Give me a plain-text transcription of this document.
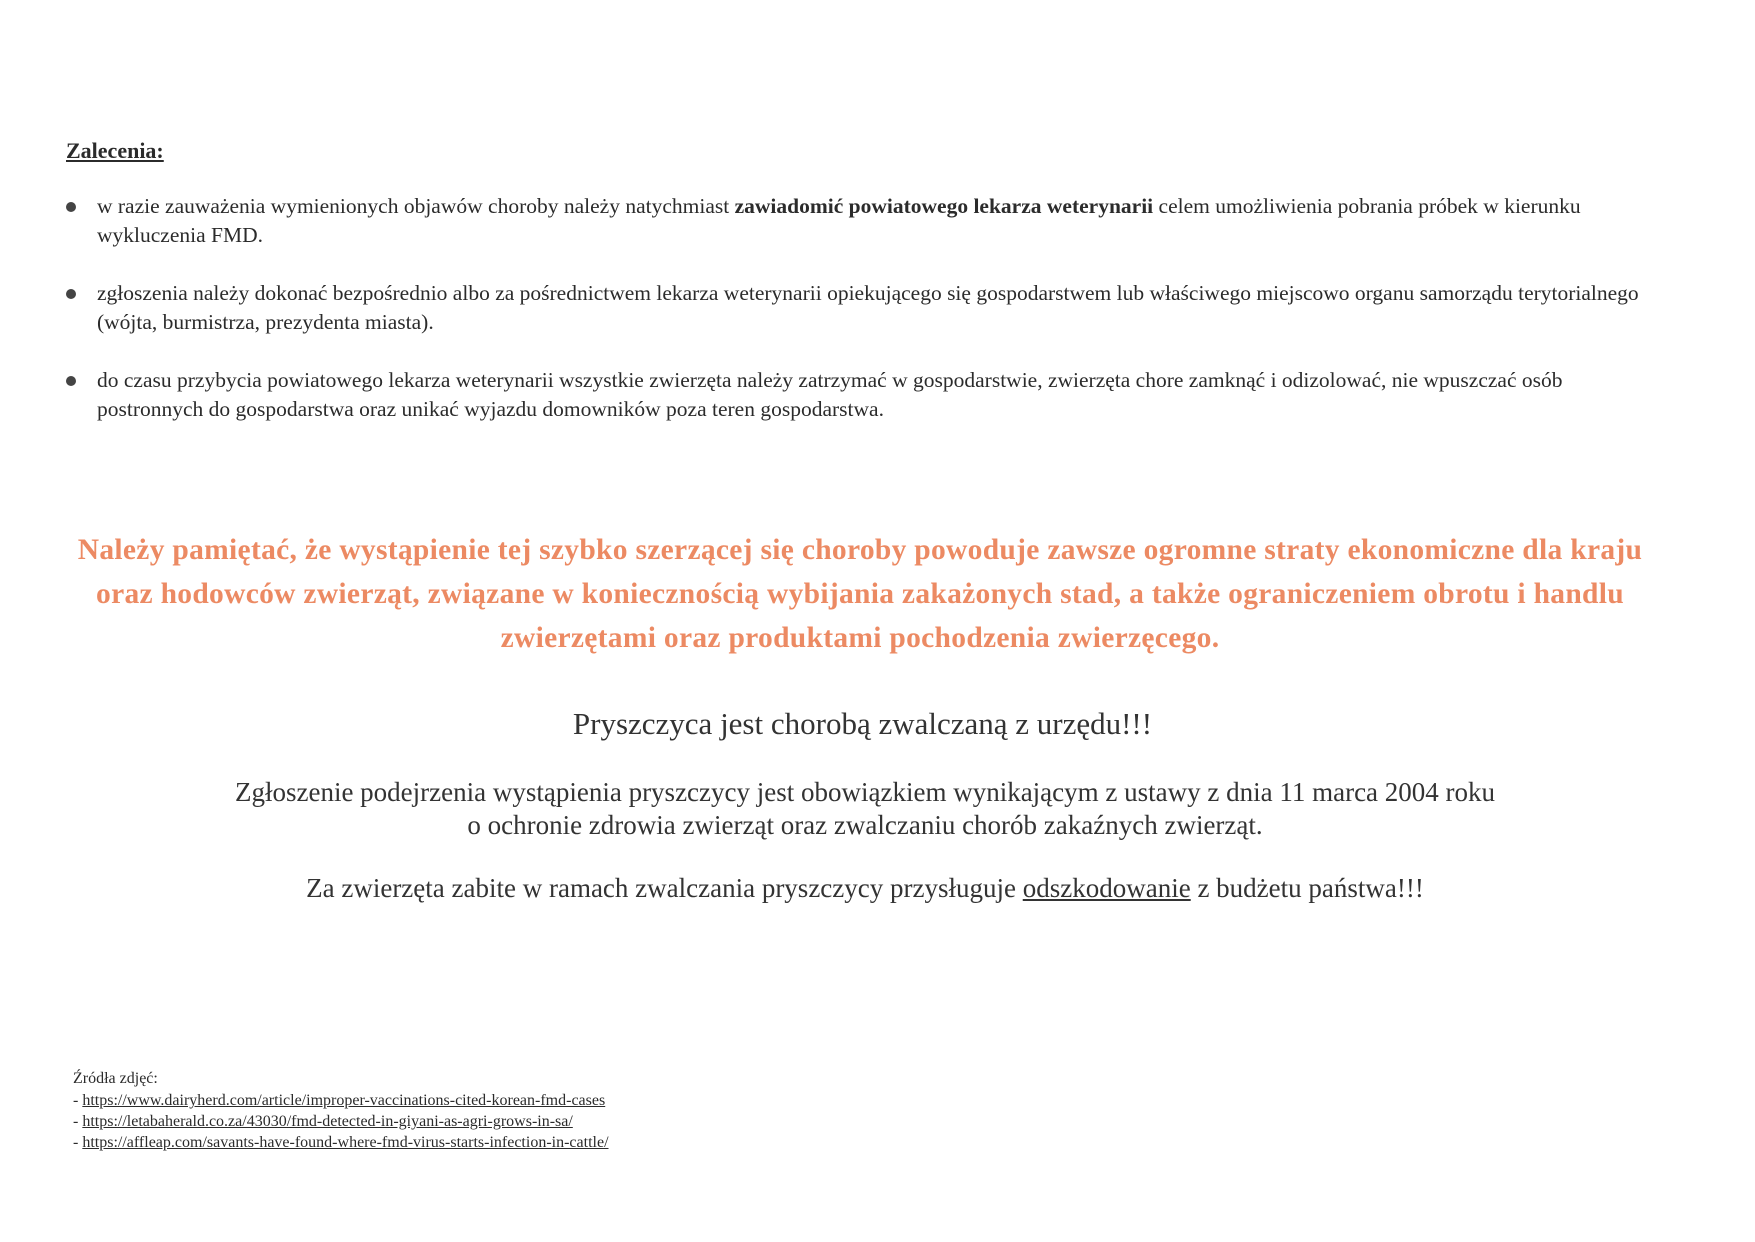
Zalecenia:
w razie zauważenia wymienionych objawów choroby należy natychmiast zawiadomić powiatowego lekarza weterynarii celem umożliwienia pobrania próbek w kierunku wykluczenia FMD.
zgłoszenia należy dokonać bezpośrednio albo za pośrednictwem lekarza weterynarii opiekującego się gospodarstwem lub właściwego miejscowo organu samorządu terytorialnego (wójta, burmistrza, prezydenta miasta).
do czasu przybycia powiatowego lekarza weterynarii wszystkie zwierzęta należy zatrzymać w gospodarstwie, zwierzęta chore zamknąć i odizolować, nie wpuszczać osób postronnych do gospodarstwa oraz unikać wyjazdu domowników poza teren gospodarstwa.

Należy pamiętać, że wystąpienie tej szybko szerzącej się choroby powoduje zawsze ogromne straty ekonomiczne dla kraju oraz hodowców zwierząt, związane w koniecznością wybijania zakażonych stad, a także ograniczeniem obrotu i handlu zwierzętami oraz produktami pochodzenia zwierzęcego.

Pryszczyca jest chorobą zwalczaną z urzędu!!!

Zgłoszenie podejrzenia wystąpienia pryszczycy jest obowiązkiem wynikającym z ustawy z dnia 11 marca 2004 roku
o ochronie zdrowia zwierząt oraz zwalczaniu chorób zakaźnych zwierząt.

Za zwierzęta zabite w ramach zwalczania pryszczycy przysługuje odszkodowanie z budżetu państwa!!!

Źródła zdjęć:

- https://www.dairyherd.com/article/improper-vaccinations-cited-korean-fmd-cases
- https://letabaherald.co.za/43030/fmd-detected-in-giyani-as-agri-grows-in-sa/
- https://affleap.com/savants-have-found-where-fmd-virus-starts-infection-in-cattle/
